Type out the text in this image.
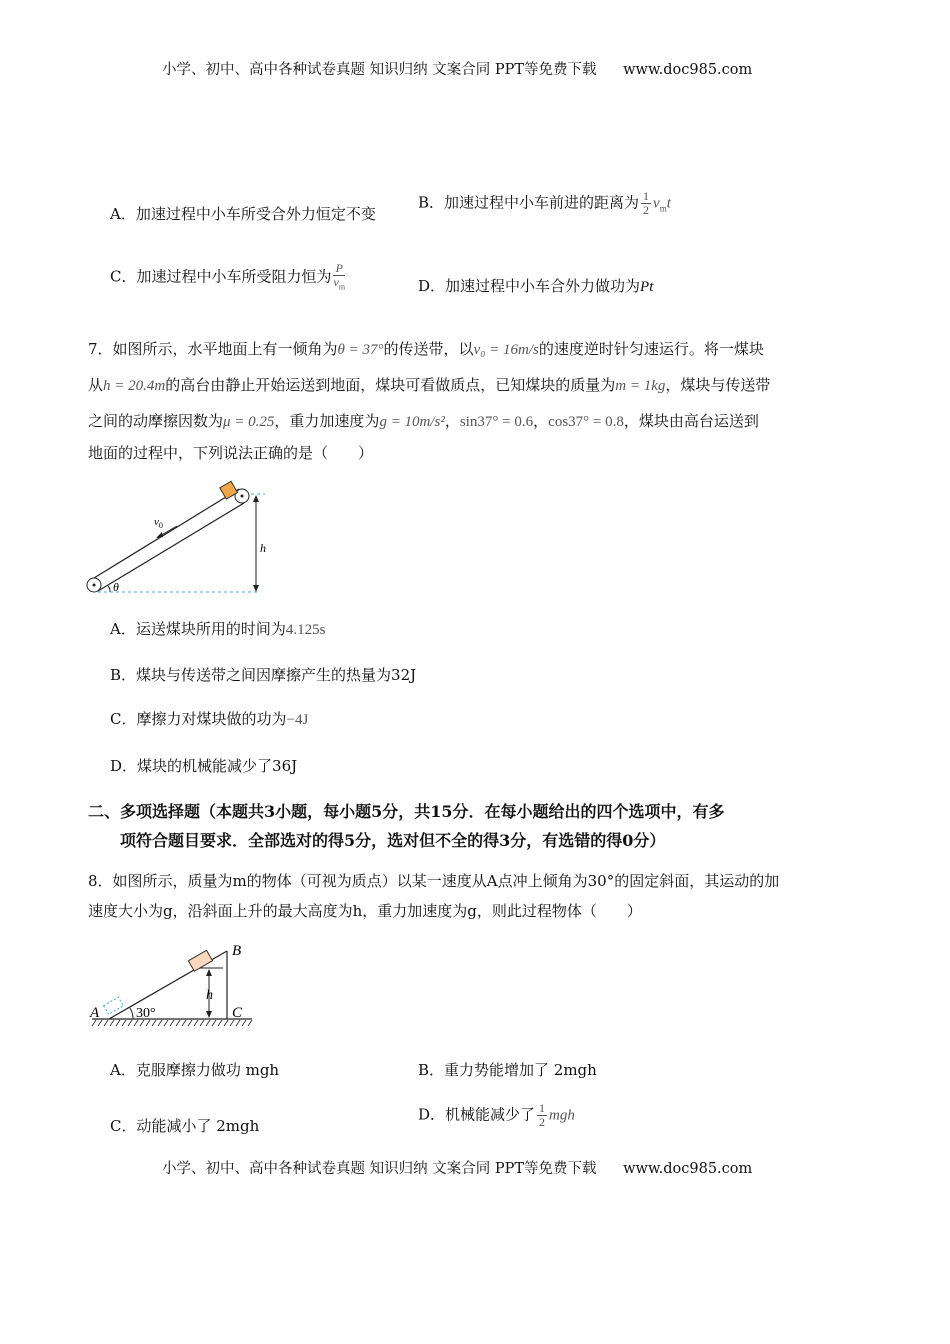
小学、初中、高中各种试卷真题 知识归纳 文案合同 PPT等免费下载 www.doc985.com
A．加速过程中小车所受合外力恒定不变
B．加速过程中小车前进的距离为 $\frac{1}{2} v_mt$
C．加速过程中小车所受阻力恒为 $\frac{P}{v_m}$	D．加速过程中小车合外力做功为Pt
7．如图所示，水平地面上有一倾角为θ = 37°的传送带，以v₀ = 16m/s的速度逆时针匀速运行。将一煤块
从h = 20.4m的高台由静止开始运送到地面，煤块可看做质点，已知煤块的质量为m = 1kg，煤块与传送带
之间的动摩擦因数为μ = 0.25，重力加速度为g = 10m/s²，sin37° = 0.6，cos37° = 0.8，煤块由高台运送到
地面的过程中，下列说法正确的是（　　）
$v_0$
h
θ
A．运送煤块所用的时间为4.125s
B．煤块与传送带之间因摩擦产生的热量为32J
C．摩擦力对煤块做的功为−4J
D．煤块的机械能减少了36J
二、多项选择题（本题共3小题，每小题5分，共15分．在每小题给出的四个选项中，有多
项符合题目要求．全部选对的得5分，选对但不全的得3分，有选错的得0分）
8．如图所示，质量为m的物体（可视为质点）以某一速度从A点冲上倾角为30°的固定斜面，其运动的加
速度大小为g，沿斜面上升的最大高度为h，重力加速度为g，则此过程物体（　　）
h
30°
A
B
C
A．克服摩擦力做功 mgh	B．重力势能增加了 2mgh
C．动能减小了 2mgh
D．机械能减少了 $\frac{1}{2}$ mgh
小学、初中、高中各种试卷真题 知识归纳 文案合同 PPT等免费下载 www.doc985.com
